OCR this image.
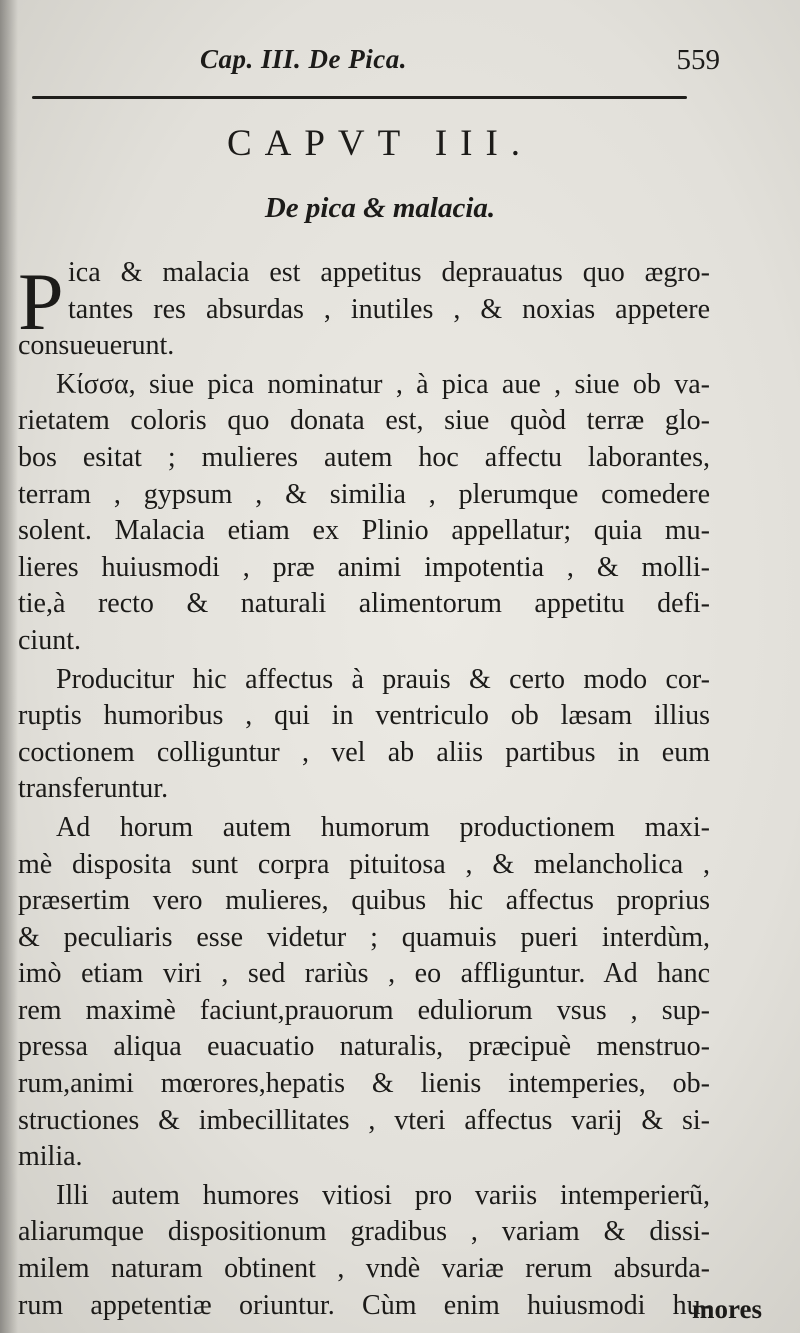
Cap. III. De Pica.	559
CAPVT III.
De pica & malacia.
P ica & malacia est appetitus deprauatus quo ægro-
tantes res absurdas , inutiles , & noxias appetere
consueuerunt.
Κίσσα, siue pica nominatur , à pica aue , siue ob va-
rietatem coloris quo donata est, siue quòd terræ glo-
bos esitat ; mulieres autem hoc affectu laborantes,
terram , gypsum , & similia , plerumque comedere
solent. Malacia etiam ex Plinio appellatur; quia mu-
lieres huiusmodi , præ animi impotentia , & molli-
tie,à recto & naturali alimentorum appetitu defi-
ciunt.
Producitur hic affectus à prauis & certo modo cor-
ruptis humoribus , qui in ventriculo ob læsam illius
coctionem colliguntur , vel ab aliis partibus in eum
transferuntur.
Ad horum autem humorum productionem maxi-
mè disposita sunt corpra pituitosa , & melancholica ,
præsertim vero mulieres, quibus hic affectus proprius
& peculiaris esse videtur ; quamuis pueri interdùm,
imò etiam viri , sed rariùs , eo affliguntur. Ad hanc
rem maximè faciunt,prauorum eduliorum vsus , sup-
pressa aliqua euacuatio naturalis, præcipuè menstruo-
rum,animi mœrores,hepatis & lienis intemperies, ob-
structiones & imbecillitates , vteri affectus varij & si-
milia.
Illi autem humores vitiosi pro variis intemperierũ,
aliarumque dispositionum gradibus , variam & dissi-
milem naturam obtinent , vndè variæ rerum absurda-
rum appetentiæ oriuntur. Cùm enim huiusmodi hu-
mores
